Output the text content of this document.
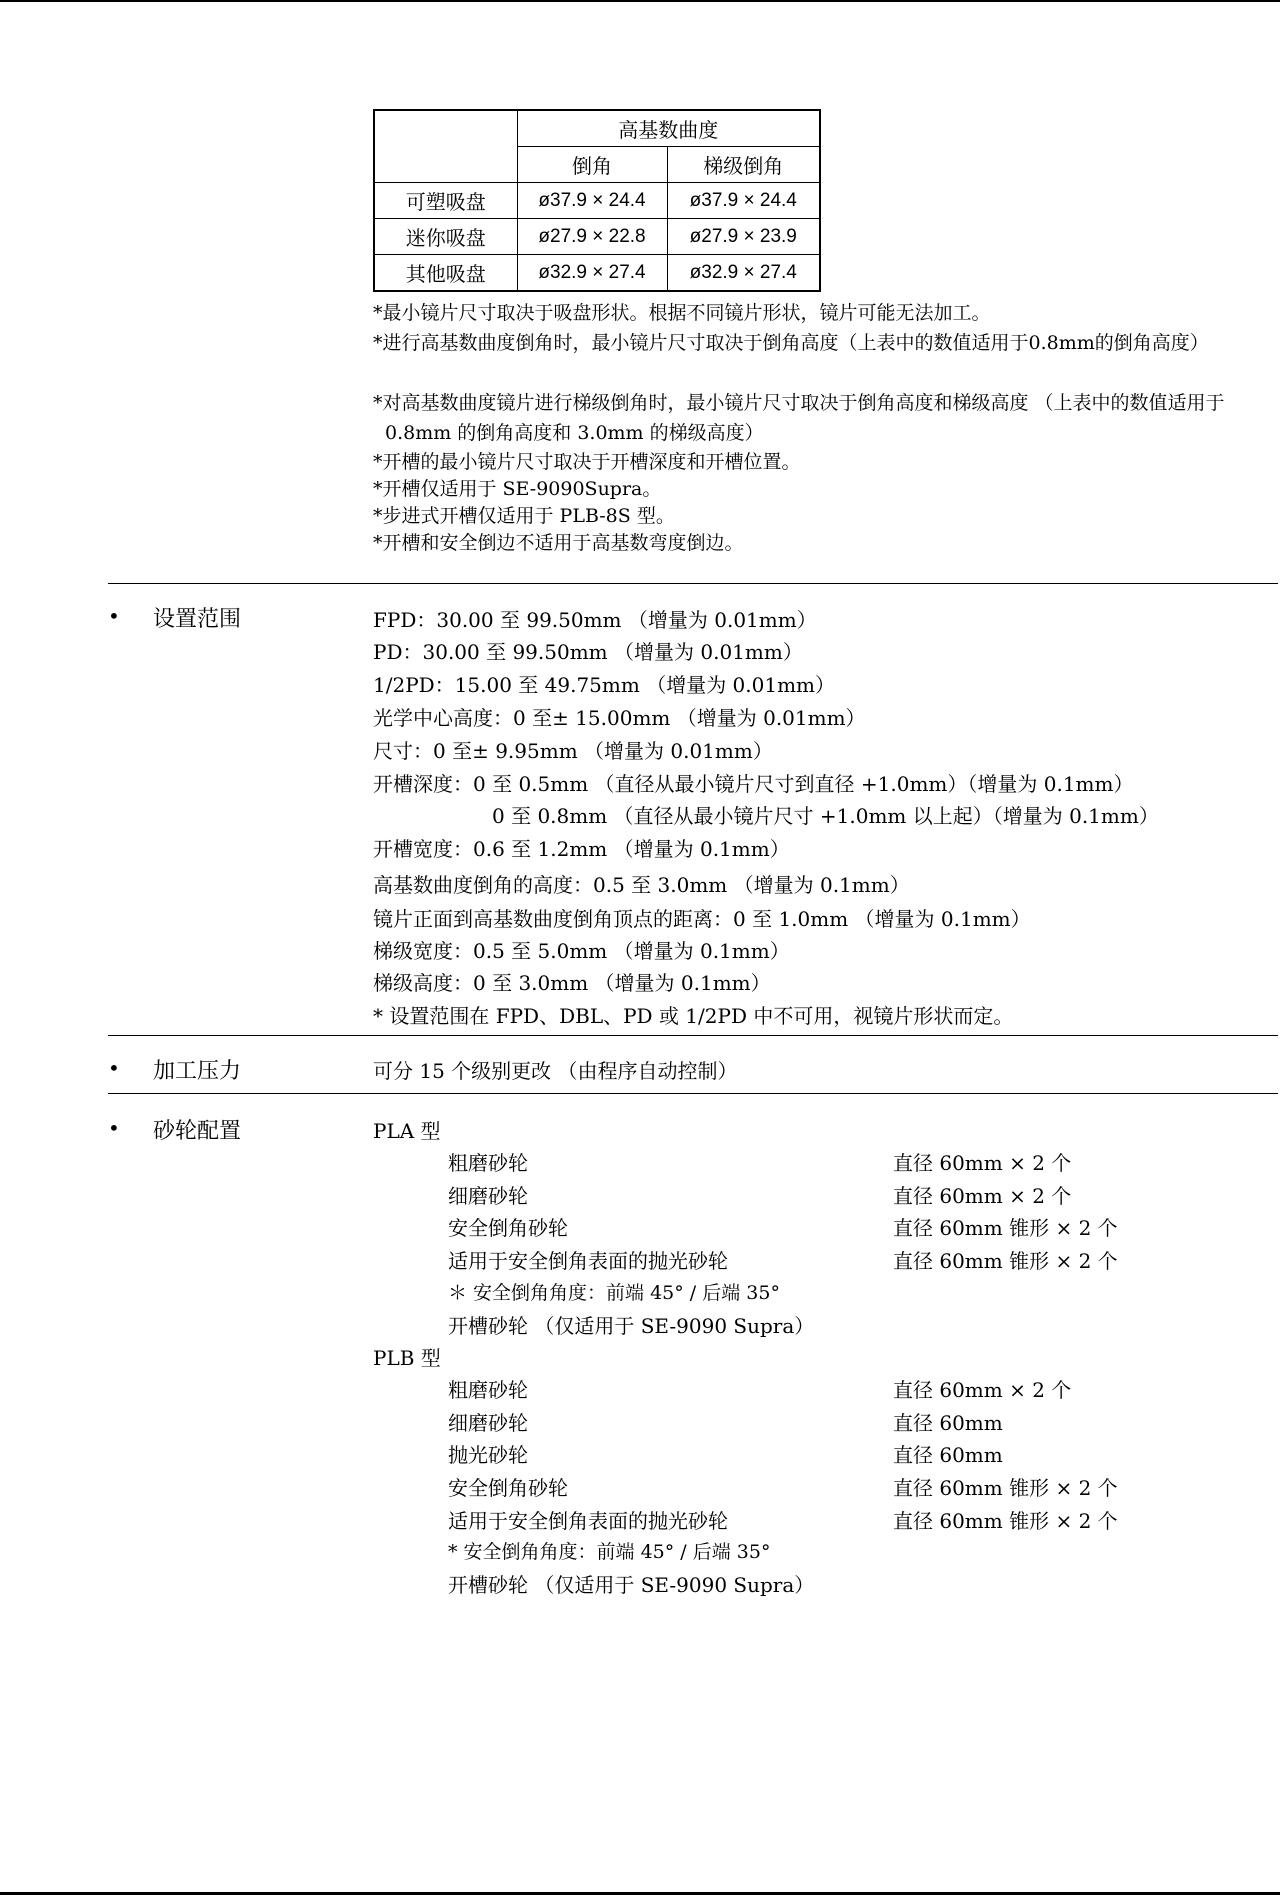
	高基数曲度	
	倒角	梯级倒角
可塑吸盘	ø37.9 × 24.4	ø37.9 × 24.4
迷你吸盘	ø27.9 × 22.8	ø27.9 × 23.9
其他吸盘	ø32.9 × 27.4	ø32.9 × 27.4
*最小镜片尺寸取决于吸盘形状。根据不同镜片形状，镜片可能无法加工。
*进行高基数曲度倒角时，最小镜片尺寸取决于倒角高度（上表中的数值适用于0.8mm的倒角高度）
*对高基数曲度镜片进行梯级倒角时，最小镜片尺寸取决于倒角高度和梯级高度 （上表中的数值适用于 0.8mm 的倒角高度和 3.0mm 的梯级高度）
*开槽的最小镜片尺寸取决于开槽深度和开槽位置。
*开槽仅适用于 SE-9090Supra。
*步进式开槽仅适用于 PLB-8S 型。
*开槽和安全倒边不适用于高基数弯度倒边。
• 设置范围	FPD：30.00 至 99.50mm （增量为 0.01mm）
PD：30.00 至 99.50mm （增量为 0.01mm）
1/2PD：15.00 至 49.75mm （增量为 0.01mm）
光学中心高度：0 至± 15.00mm （增量为 0.01mm）
尺寸：0 至± 9.95mm （增量为 0.01mm）
开槽深度：0 至 0.5mm （直径从最小镜片尺寸到直径 +1.0mm）（增量为 0.1mm）
0 至 0.8mm （直径从最小镜片尺寸 +1.0mm 以上起）（增量为 0.1mm）
开槽宽度：0.6 至 1.2mm （增量为 0.1mm）
高基数曲度倒角的高度：0.5 至 3.0mm （增量为 0.1mm）
镜片正面到高基数曲度倒角顶点的距离：0 至 1.0mm （增量为 0.1mm）
梯级宽度：0.5 至 5.0mm （增量为 0.1mm）
梯级高度：0 至 3.0mm （增量为 0.1mm）
* 设置范围在 FPD、DBL、PD 或 1/2PD 中不可用，视镜片形状而定。
• 加工压力	可分 15 个级别更改 （由程序自动控制）
• 砂轮配置	PLA 型
粗磨砂轮	直径 60mm × 2 个
细磨砂轮	直径 60mm × 2 个
安全倒角砂轮	直径 60mm 锥形 × 2 个
适用于安全倒角表面的抛光砂轮	直径 60mm 锥形 × 2 个
＊ 安全倒角角度：前端 45° / 后端 35°
开槽砂轮 （仅适用于 SE-9090 Supra）
PLB 型
粗磨砂轮	直径 60mm × 2 个
细磨砂轮	直径 60mm
抛光砂轮	直径 60mm
安全倒角砂轮	直径 60mm 锥形 × 2 个
适用于安全倒角表面的抛光砂轮	直径 60mm 锥形 × 2 个
* 安全倒角角度：前端 45° / 后端 35°
开槽砂轮 （仅适用于 SE-9090 Supra）
